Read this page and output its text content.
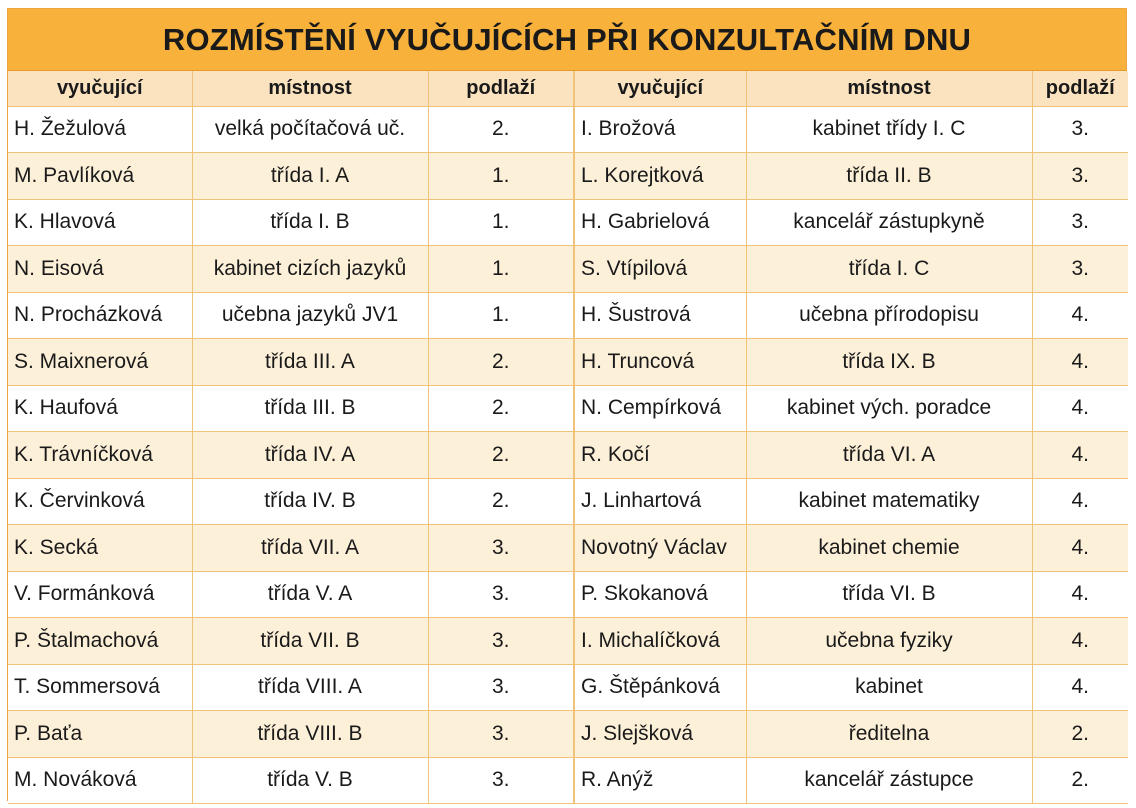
ROZMÍSTĚNÍ VYUČUJÍCÍCH PŘI KONZULTAČNÍM DNU
vyučující	místnost	podlaží	vyučující	místnost	podlaží
H. Žežulová	velká počítačová uč.	2.	I. Brožová	kabinet třídy I. C	3.
M. Pavlíková	třída I. A	1.	L. Korejtková	třída II. B	3.
K. Hlavová	třída I. B	1.	H. Gabrielová	kancelář zástupkyně	3.
N. Eisová	kabinet cizích jazyků	1.	S. Vtípilová	třída I. C	3.
N. Procházková	učebna jazyků JV1	1.	H. Šustrová	učebna přírodopisu	4.
S. Maixnerová	třída III. A	2.	H. Truncová	třída IX. B	4.
K. Haufová	třída III. B	2.	N. Cempírková	kabinet vých. poradce	4.
K. Trávníčková	třída IV. A	2.	R. Kočí	třída VI. A	4.
K. Červinková	třída IV. B	2.	J. Linhartová	kabinet matematiky	4.
K. Secká	třída VII. A	3.	Novotný Václav	kabinet chemie	4.
V. Formánková	třída V. A	3.	P. Skokanová	třída VI. B	4.
P. Štalmachová	třída VII. B	3.	I. Michalíčková	učebna fyziky	4.
T. Sommersová	třída VIII. A	3.	G. Štěpánková	kabinet	4.
P. Baťa	třída VIII. B	3.	J. Slejšková	ředitelna	2.
M. Nováková	třída V. B	3.	R. Anýž	kancelář zástupce	2.
